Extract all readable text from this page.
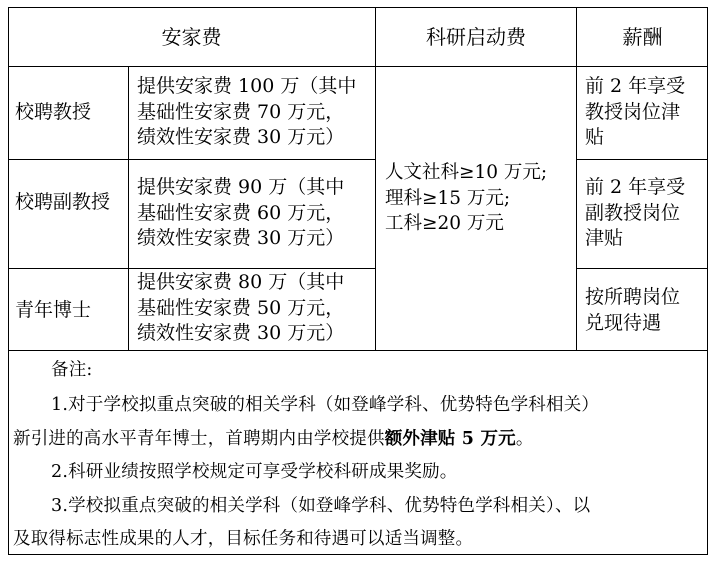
安家费	科研启动费	薪酬
校聘教授
提供安家费 100 万（其中
基础性安家费 70 万元，
绩效性安家费 30 万元）
前 2 年享受
教授岗位津
贴
校聘副教授
提供安家费 90 万（其中
基础性安家费 60 万元，
绩效性安家费 30 万元）
前 2 年享受
副教授岗位
津贴
青年博士
提供安家费 80 万（其中
基础性安家费 50 万元，
绩效性安家费 30 万元）
按所聘岗位
兑现待遇
人文社科≥10 万元;
理科≥15 万元;
工科≥20 万元
备注:
1.对于学校拟重点突破的相关学科（如登峰学科、优势特色学科相关）
新引进的高水平青年博士，首聘期内由学校提供额外津贴 5 万元。
2.科研业绩按照学校规定可享受学校科研成果奖励。
3.学校拟重点突破的相关学科（如登峰学科、优势特色学科相关）、以
及取得标志性成果的人才，目标任务和待遇可以适当调整。
